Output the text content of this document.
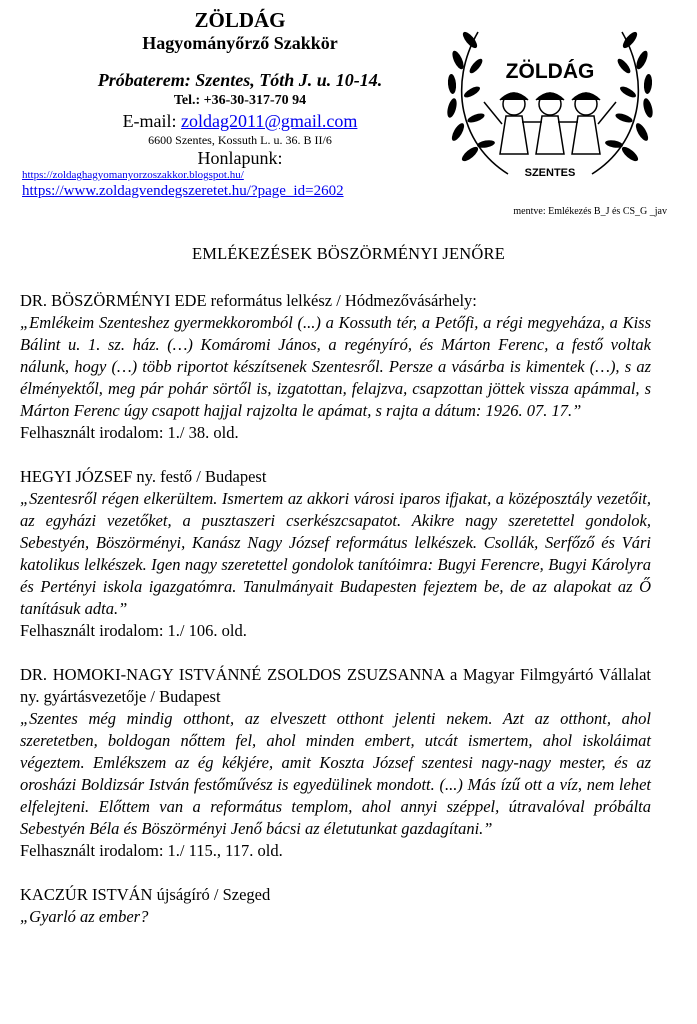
ZÖLDÁG
Hagyományőrző Szakkör
Próbaterem: Szentes, Tóth J. u. 10-14.
Tel.: +36-30-317-70 94
E-mail: zoldag2011@gmail.com
6600 Szentes, Kossuth L. u. 36. B II/6
Honlapunk:
https://zoldaghagyomanyorzoszakkor.blogspot.hu/
https://www.zoldagvendegszeretet.hu/?page_id=2602
ZÖLDÁG
SZENTES
mentve: Emlékezés B_J és CS_G _jav
EMLÉKEZÉSEK BÖSZÖRMÉNYI JENŐRE
DR. BÖSZÖRMÉNYI EDE református lelkész / Hódmezővásárhely:
„Emlékeim Szenteshez gyermekkoromból (...) a Kossuth tér, a Petőfi, a régi megyeháza, a Kiss Bálint u. 1. sz. ház. (…) Komáromi János, a regényíró, és Márton Ferenc, a festő voltak nálunk, hogy (…) több riportot készítsenek Szentesről. Persze a vásárba is kimentek (…), s az élményektől, meg pár pohár sörtől is, izgatottan, felajzva, csapzottan jöttek vissza apámmal, s Márton Ferenc úgy csapott hajjal rajzolta le apámat, s rajta a dátum: 1926. 07. 17.”
Felhasznált irodalom: 1./ 38. old.
HEGYI JÓZSEF ny. festő / Budapest
„Szentesről régen elkerültem. Ismertem az akkori városi iparos ifjakat, a középosztály vezetőit, az egyházi vezetőket, a pusztaszeri cserkészcsapatot. Akikre nagy szeretettel gondolok, Sebestyén, Böszörményi, Kanász Nagy József református lelkészek. Csollák, Serfőző és Vári katolikus lelkészek. Igen nagy szeretettel gondolok tanítóimra: Bugyi Ferencre, Bugyi Károlyra és Pertényi iskola igazgatómra. Tanulmányait Budapesten fejeztem be, de az alapokat az Ő tanításuk adta.”
Felhasznált irodalom: 1./ 106. old.
DR. HOMOKI-NAGY ISTVÁNNÉ ZSOLDOS ZSUZSANNA a Magyar Filmgyártó Vállalat ny. gyártásvezetője / Budapest
„Szentes még mindig otthont, az elveszett otthont jelenti nekem. Azt az otthont, ahol szeretetben, boldogan nőttem fel, ahol minden embert, utcát ismertem, ahol iskoláimat végeztem. Emlékszem az ég kékjére, amit Koszta József szentesi nagy-nagy mester, és az orosházi Boldizsár István festőművész is egyedülinek mondott. (...) Más ízű ott a víz, nem lehet elfelejteni. Előttem van a református templom, ahol annyi széppel, útravalóval próbálta Sebestyén Béla és Böszörményi Jenő bácsi az életutunkat gazdagítani.”
Felhasznált irodalom: 1./ 115., 117. old.
KACZÚR ISTVÁN újságíró / Szeged
„Gyarló az ember?
